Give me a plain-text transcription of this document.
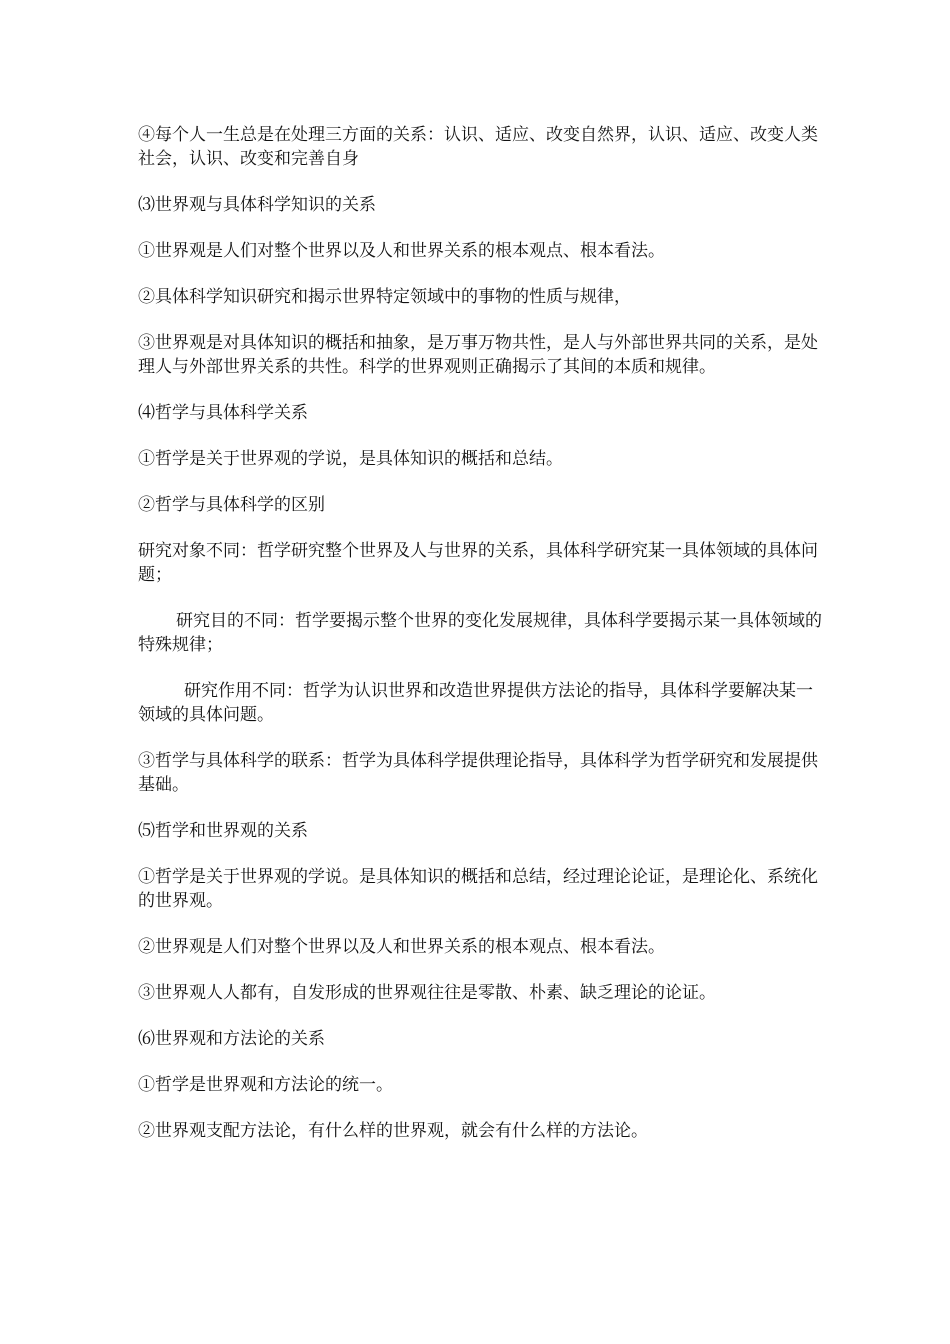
④每个人一生总是在处理三方面的关系：认识、适应、改变自然界，认识、适应、改变人类社会，认识、改变和完善自身

⑶世界观与具体科学知识的关系

①世界观是人们对整个世界以及人和世界关系的根本观点、根本看法。

②具体科学知识研究和揭示世界特定领域中的事物的性质与规律，

③世界观是对具体知识的概括和抽象，是万事万物共性，是人与外部世界共同的关系，是处理人与外部世界关系的共性。科学的世界观则正确揭示了其间的本质和规律。

⑷哲学与具体科学关系

①哲学是关于世界观的学说，是具体知识的概括和总结。

②哲学与具体科学的区别

研究对象不同：哲学研究整个世界及人与世界的关系，具体科学研究某一具体领域的具体问题；

研究目的不同：哲学要揭示整个世界的变化发展规律，具体科学要揭示某一具体领域的特殊规律；

研究作用不同：哲学为认识世界和改造世界提供方法论的指导，具体科学要解决某一领域的具体问题。

③哲学与具体科学的联系：哲学为具体科学提供理论指导，具体科学为哲学研究和发展提供基础。

⑸哲学和世界观的关系

①哲学是关于世界观的学说。是具体知识的概括和总结，经过理论论证，是理论化、系统化的世界观。

②世界观是人们对整个世界以及人和世界关系的根本观点、根本看法。

③世界观人人都有，自发形成的世界观往往是零散、朴素、缺乏理论的论证。

⑹世界观和方法论的关系

①哲学是世界观和方法论的统一。

②世界观支配方法论，有什么样的世界观，就会有什么样的方法论。
